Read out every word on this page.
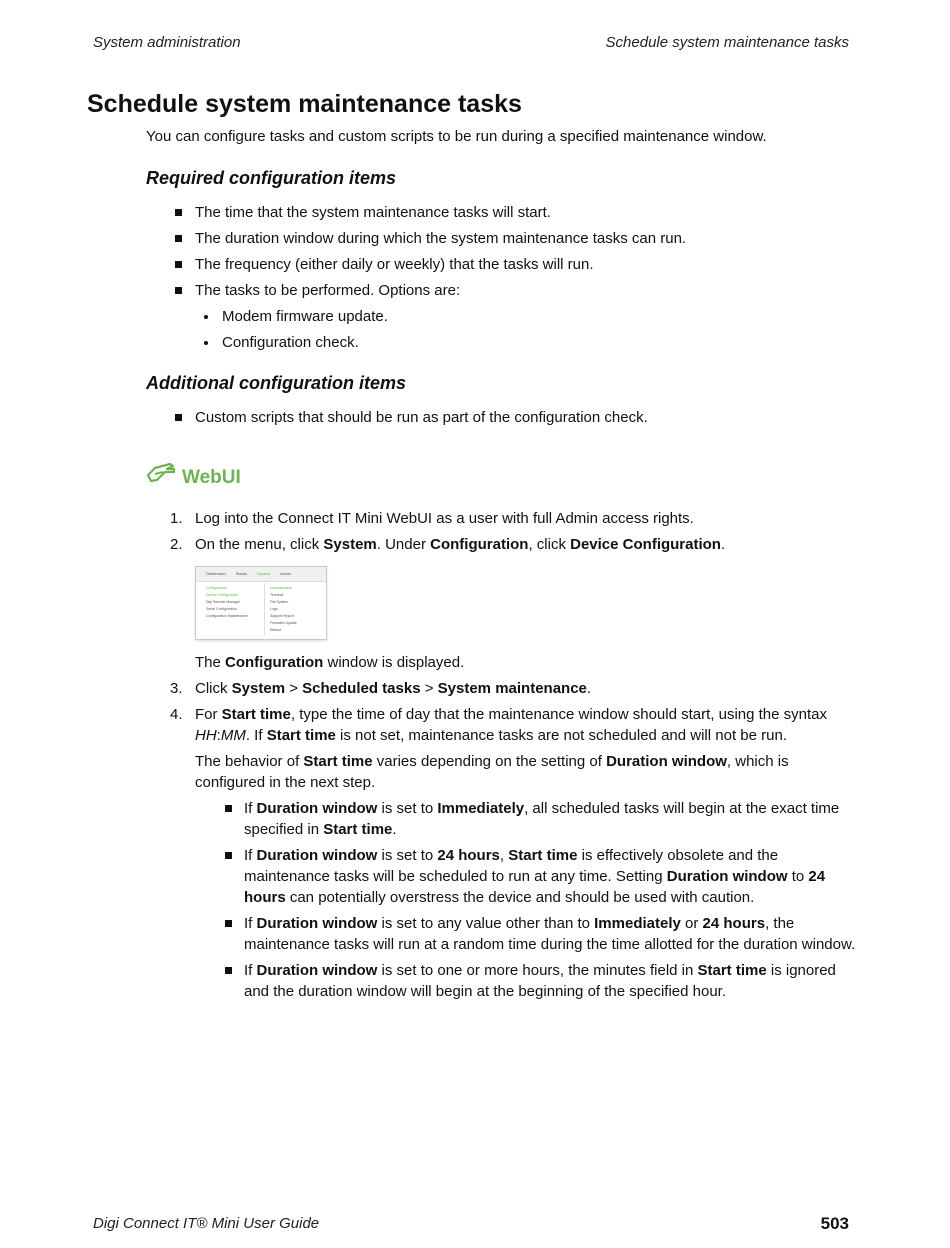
System administration	Schedule system maintenance tasks
Schedule system maintenance tasks

You can configure tasks and custom scripts to be run during a specified maintenance window.

Required configuration items
The time that the system maintenance tasks will start.
The duration window during which the system maintenance tasks can run.
The frequency (either daily or weekly) that the tasks will run.
The tasks to be performed. Options are:
Modem firmware update.
Configuration check.
Additional configuration items
Custom scripts that should be run as part of the configuration check.
WebUI
1. Log into the Connect IT Mini WebUI as a user with full Admin access rights.
2. On the menu, click System. Under Configuration, click Device Configuration.
Dashboard	Status	System	admin
Configuration
Device Configuration
Digi Remote Manager
Serial Configuration
Configuration Maintenance
Administration
Terminal
File System
Logs
Support Report
Firmware Update
Reboot
The Configuration window is displayed.
3. Click System > Scheduled tasks > System maintenance.
4. For Start time, type the time of day that the maintenance window should start, using the syntax HH:MM. If Start time is not set, maintenance tasks are not scheduled and will not be run.

The behavior of Start time varies depending on the setting of Duration window, which is configured in the next step.

If Duration window is set to Immediately, all scheduled tasks will begin at the exact time specified in Start time.
If Duration window is set to 24 hours, Start time is effectively obsolete and the maintenance tasks will be scheduled to run at any time. Setting Duration window to 24 hours can potentially overstress the device and should be used with caution.
If Duration window is set to any value other than to Immediately or 24 hours, the maintenance tasks will run at a random time during the time allotted for the duration window.
If Duration window is set to one or more hours, the minutes field in Start time is ignored and the duration window will begin at the beginning of the specified hour.
Digi Connect IT® Mini User Guide	503
